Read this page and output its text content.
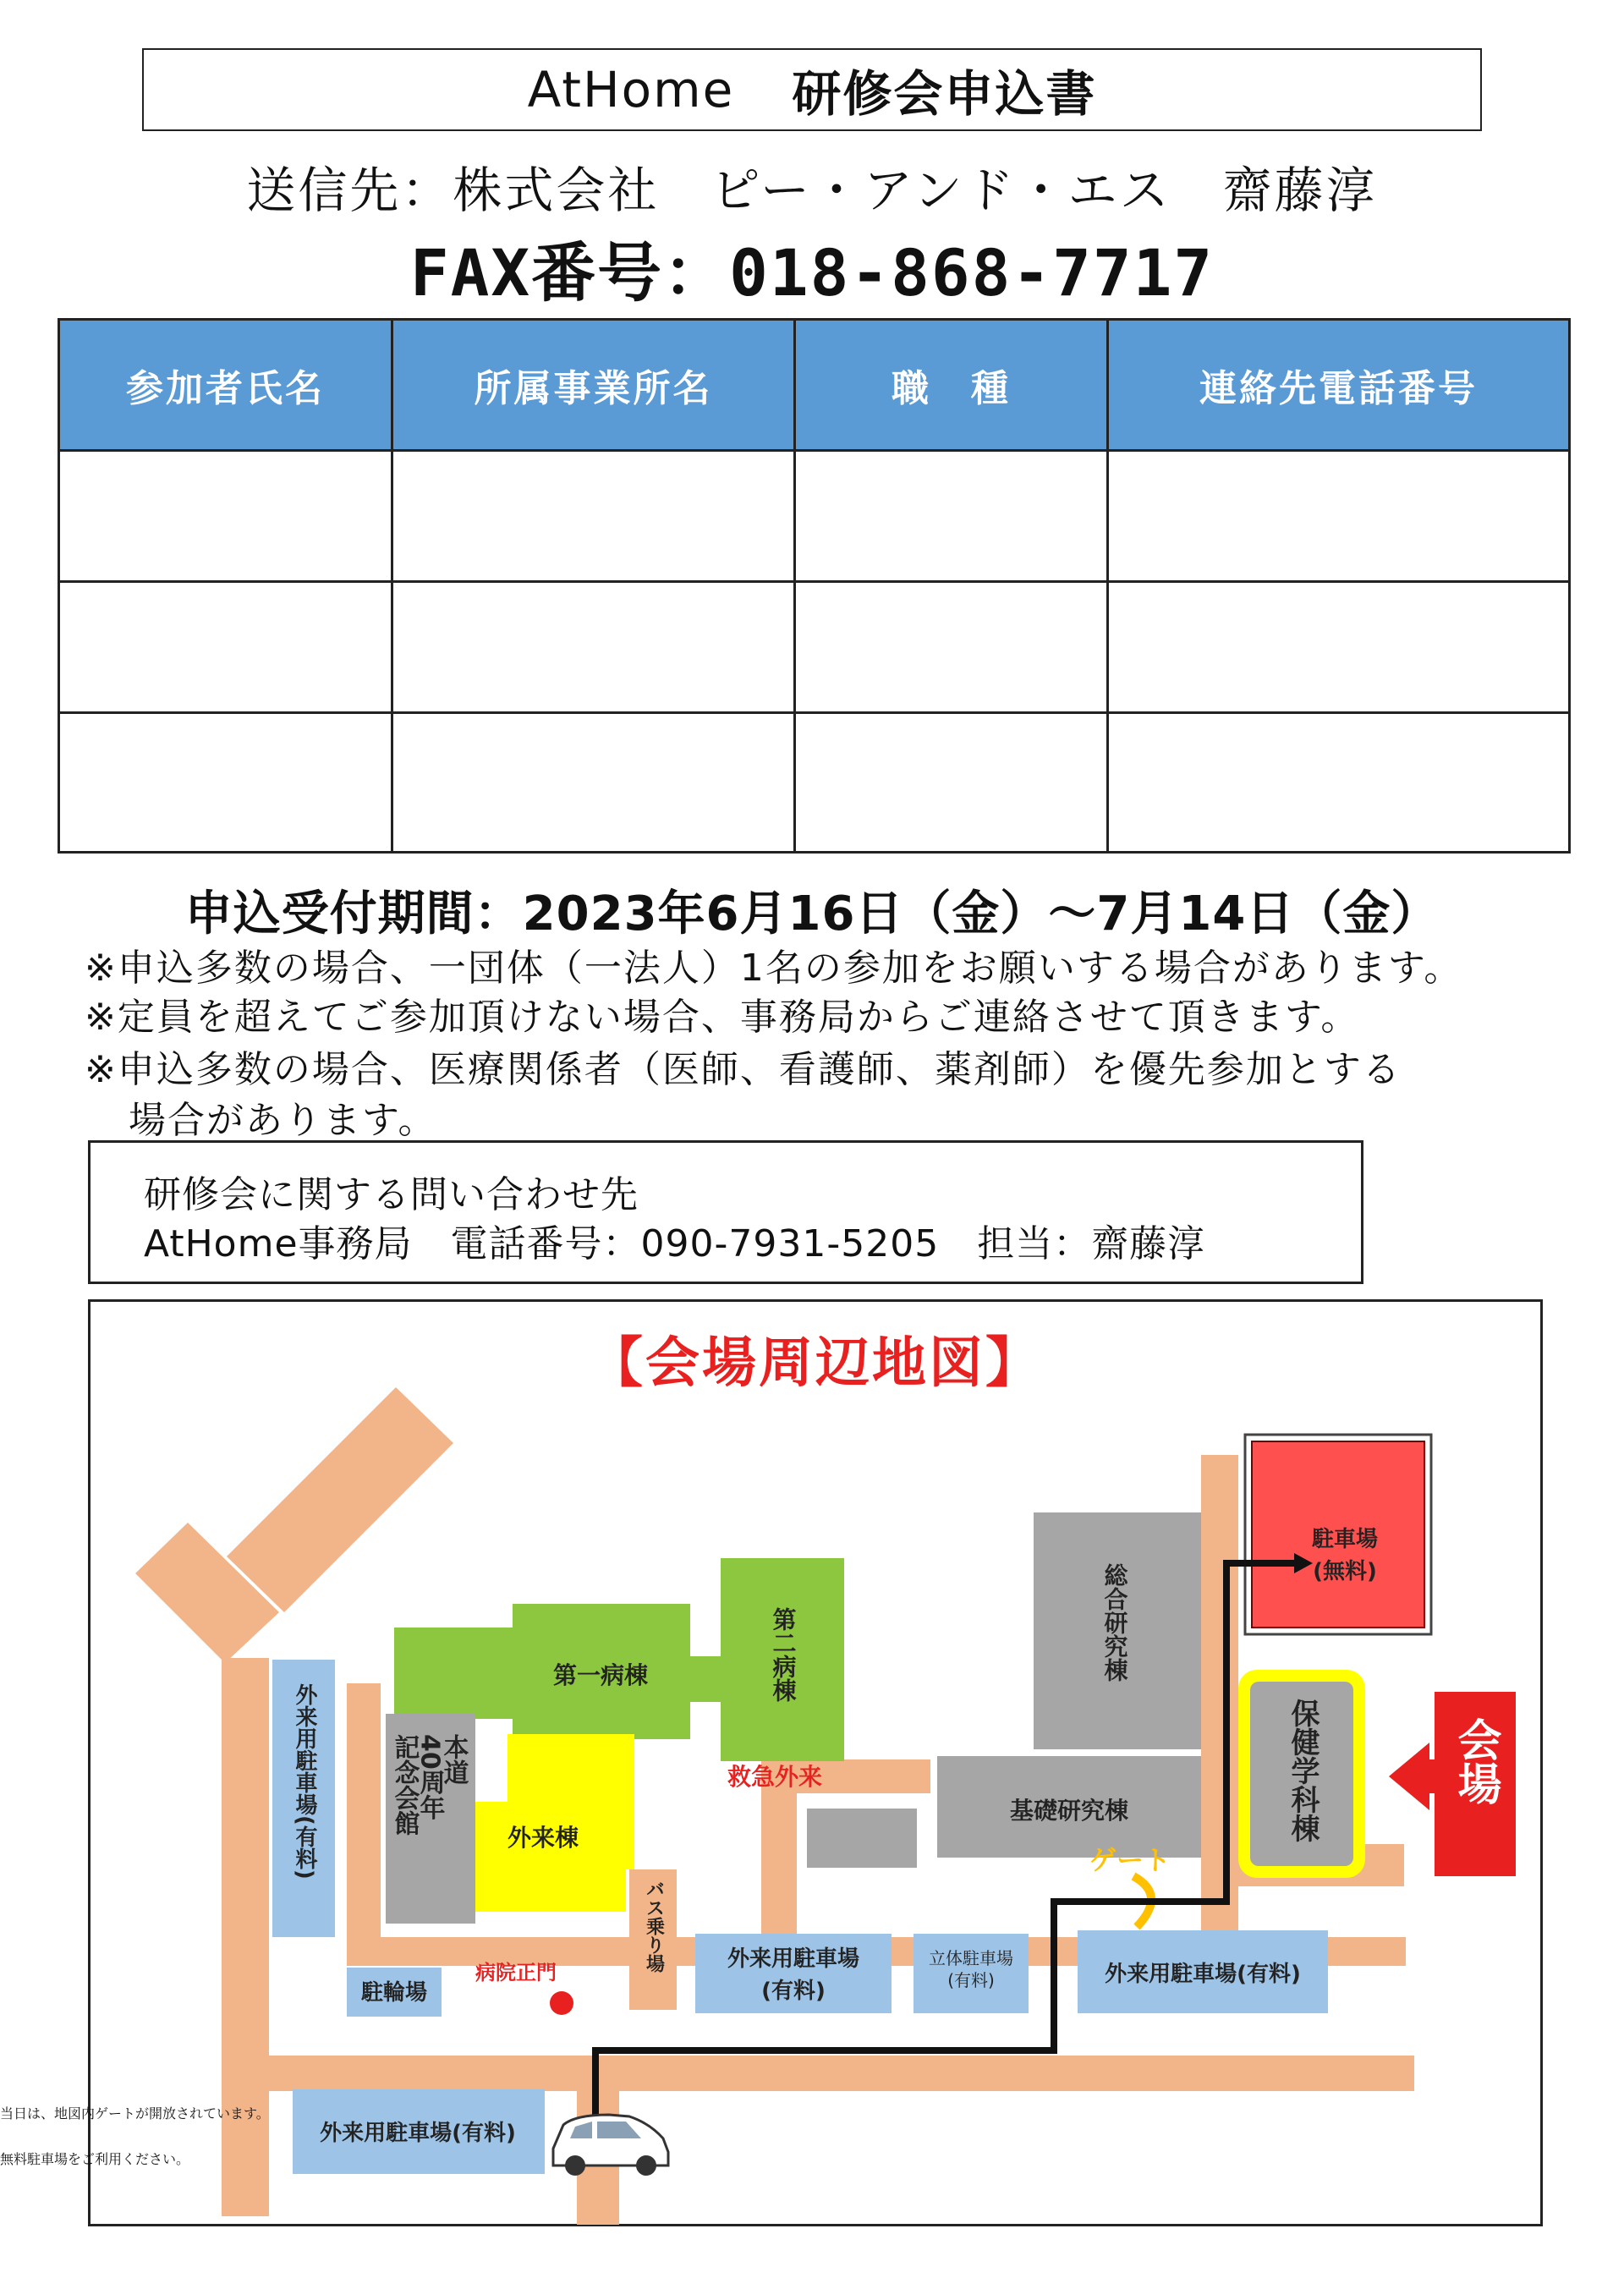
AtHome 研修会申込書
送信先：株式会社　ピー・アンド・エス　齋藤淳
FAX番号：018-868-7717
参加者氏名	所属事業所名	職　種	連絡先電話番号

申込受付期間：2023年6月16日（金）～7月14日（金）
※申込多数の場合、一団体（一法人）1名の参加をお願いする場合があります。
※定員を超えてご参加頂けない場合、事務局からご連絡させて頂きます。
※申込多数の場合、医療関係者（医師、看護師、薬剤師）を優先参加とする
場合があります。
研修会に関する問い合わせ先
AtHome事務局　電話番号：090-7931-5205　担当：齋藤淳
【会場周辺地図】
第一病棟	第二病棟
外来棟
本道
40周年
記念会館	救急外来
総合研究棟
基礎研究棟
駐車場
(無料)
保健学科棟	会場
ゲート
外来用駐車場(有料)
駐輪場
病院正門	バス乗り場	外来用駐車場
(有料)
立体駐車場
(有料)	外来用駐車場(有料)
外来用駐車場(有料)
当日は、地図内ゲートが開放されています。
無料駐車場をご利用ください。
